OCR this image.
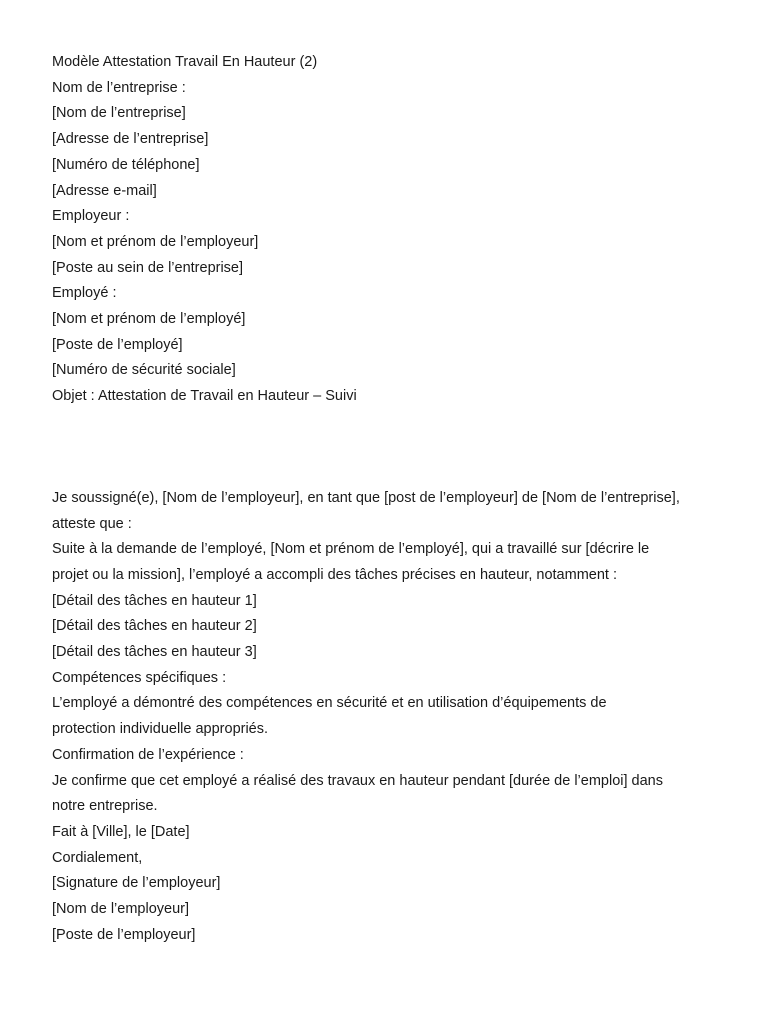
Modèle Attestation Travail En Hauteur (2)
Nom de l’entreprise :
[Nom de l’entreprise]
[Adresse de l’entreprise]
[Numéro de téléphone]
[Adresse e-mail]
Employeur :
[Nom et prénom de l’employeur]
[Poste au sein de l’entreprise]
Employé :
[Nom et prénom de l’employé]
[Poste de l’employé]
[Numéro de sécurité sociale]
Objet : Attestation de Travail en Hauteur – Suivi
Je soussigné(e), [Nom de l’employeur], en tant que [post de l’employeur] de [Nom de l’entreprise],
atteste que :
Suite à la demande de l’employé, [Nom et prénom de l’employé], qui a travaillé sur [décrire le
projet ou la mission], l’employé a accompli des tâches précises en hauteur, notamment :
[Détail des tâches en hauteur 1]
[Détail des tâches en hauteur 2]
[Détail des tâches en hauteur 3]
Compétences spécifiques :
L’employé a démontré des compétences en sécurité et en utilisation d’équipements de
protection individuelle appropriés.
Confirmation de l’expérience :
Je confirme que cet employé a réalisé des travaux en hauteur pendant [durée de l’emploi] dans
notre entreprise.
Fait à [Ville], le [Date]
Cordialement,
[Signature de l’employeur]
[Nom de l’employeur]
[Poste de l’employeur]
